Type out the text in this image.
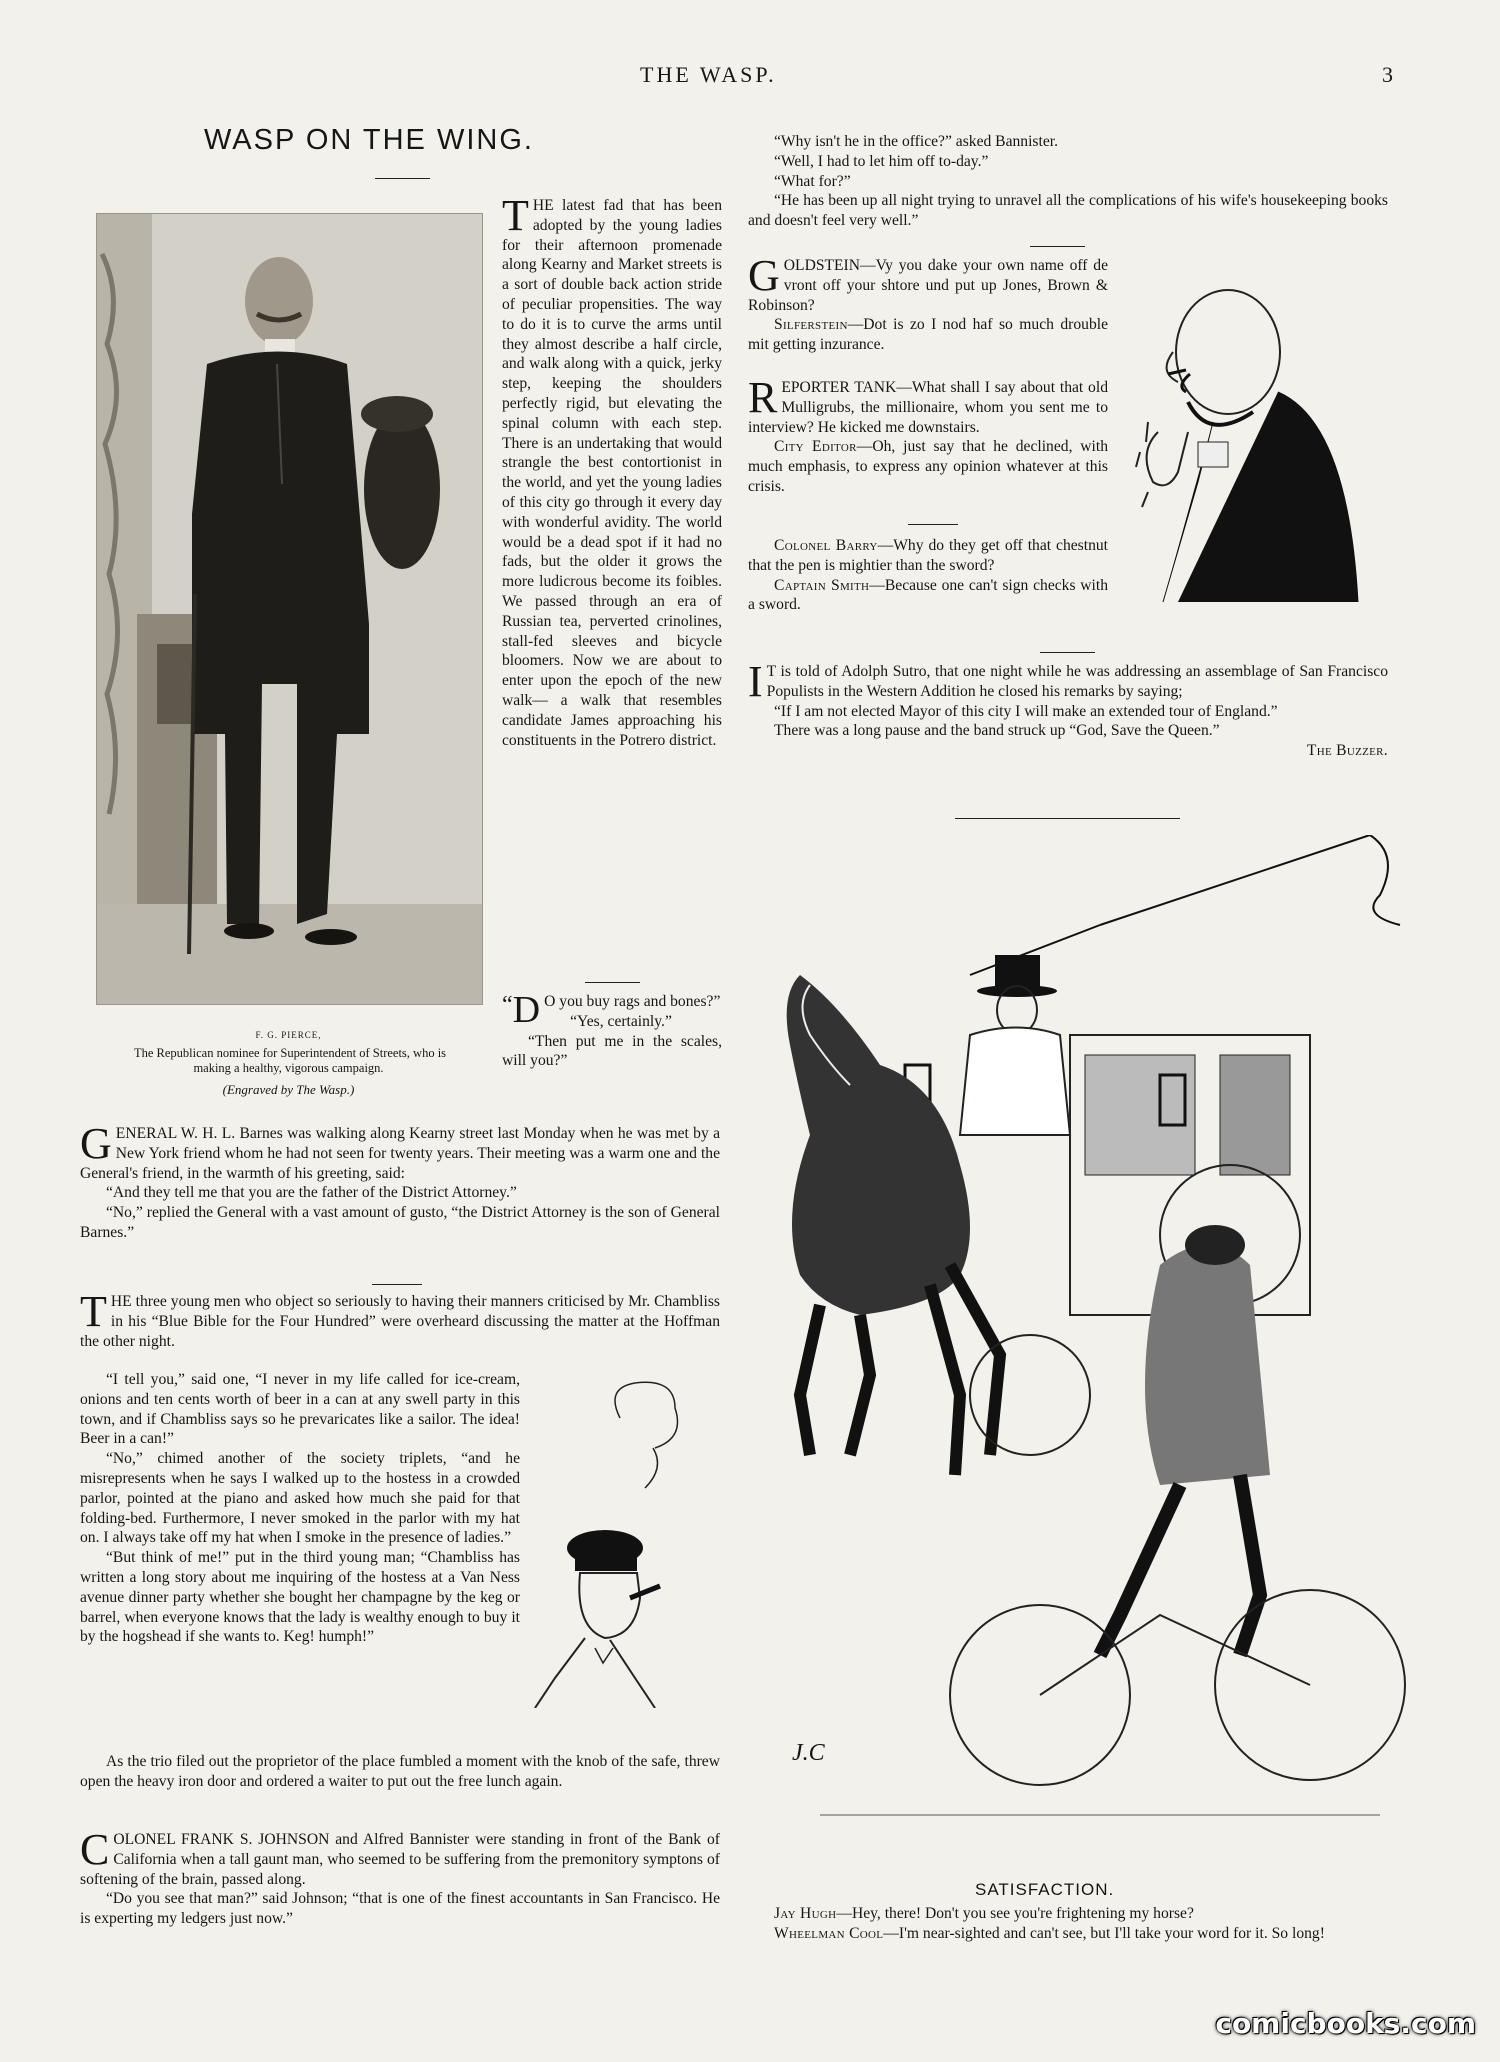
THE WASP.	3
WASP ON THE WING.
F. G. PIERCE,
The Republican nominee for Superintendent of Streets, who is
making a healthy, vigorous campaign.
(Engraved by The Wasp.)

THE latest fad that has been adopted by the young ladies for their afternoon promenade along Kearny and Market streets is a sort of double back action stride of peculiar propensities. The way to do it is to curve the arms until they almost describe a half circle, and walk along with a quick, jerky step, keeping the shoulders perfectly rigid, but elevating the spinal column with each step. There is an undertaking that would strangle the best contortionist in the world, and yet the young ladies of this city go through it every day with wonderful avidity. The world would be a dead spot if it had no fads, but the older it grows the more ludicrous become its foibles. We passed through an era of Russian tea, perverted crinolines, stall-fed sleeves and bicycle bloomers. Now we are about to enter upon the epoch of the new walk— a walk that resembles candidate James approaching his constituents in the Potrero district.

“ D O you buy rags and bones?”

“Yes, certainly.”

“Then put me in the scales, will you?”

GENERAL W. H. L. Barnes was walking along Kearny street last Monday when he was met by a New York friend whom he had not seen for twenty years. Their meeting was a warm one and the General's friend, in the warmth of his greeting, said:

“And they tell me that you are the father of the District Attorney.”

“No,” replied the General with a vast amount of gusto, “the District Attorney is the son of General Barnes.”

THE three young men who object so seriously to having their manners criticised by Mr. Chambliss in his “Blue Bible for the Four Hundred” were overheard discussing the matter at the Hoffman the other night.

“I tell you,” said one, “I never in my life called for ice-cream, onions and ten cents worth of beer in a can at any swell party in this town, and if Chambliss says so he prevaricates like a sailor. The idea! Beer in a can!”

“No,” chimed another of the society triplets, “and he misrepresents when he says I walked up to the hostess in a crowded parlor, pointed at the piano and asked how much she paid for that folding-bed. Furthermore, I never smoked in the parlor with my hat on. I always take off my hat when I smoke in the presence of ladies.”

“But think of me!” put in the third young man; “Chambliss has written a long story about me inquiring of the hostess at a Van Ness avenue dinner party whether she bought her champagne by the keg or barrel, when everyone knows that the lady is wealthy enough to buy it by the hogshead if she wants to. Keg! humph!”

As the trio filed out the proprietor of the place fumbled a moment with the knob of the safe, threw open the heavy iron door and ordered a waiter to put out the free lunch again.

COLONEL FRANK S. JOHNSON and Alfred Bannister were standing in front of the Bank of California when a tall gaunt man, who seemed to be suffering from the premonitory symptons of softening of the brain, passed along.

“Do you see that man?” said Johnson; “that is one of the finest accountants in San Francisco. He is experting my ledgers just now.”

“Why isn't he in the office?” asked Bannister.

“Well, I had to let him off to-day.”

“What for?”

“He has been up all night trying to unravel all the complications of his wife's housekeeping books and doesn't feel very well.”

GOLDSTEIN—Vy you dake your own name off de vront off your shtore und put up Jones, Brown & Robinson?

Silferstein—Dot is zo I nod haf so much drouble mit getting inzurance.

REPORTER TANK—What shall I say about that old Mulligrubs, the millionaire, whom you sent me to interview? He kicked me downstairs.

City Editor—Oh, just say that he declined, with much emphasis, to express any opinion whatever at this crisis.

Colonel Barry—Why do they get off that chestnut that the pen is mightier than the sword?

Captain Smith—Because one can't sign checks with a sword.

I T is told of Adolph Sutro, that one night while he was addressing an assemblage of San Francisco Populists in the Western Addition he closed his remarks by saying;

“If I am not elected Mayor of this city I will make an extended tour of England.”

There was a long pause and the band struck up “God, Save the Queen.”

The Buzzer.

J.C
SATISFACTION.

Jay Hugh—Hey, there! Don't you see you're frightening my horse?

Wheelman Cool—I'm near-sighted and can't see, but I'll take your word for it. So long!

comicbooks.com
